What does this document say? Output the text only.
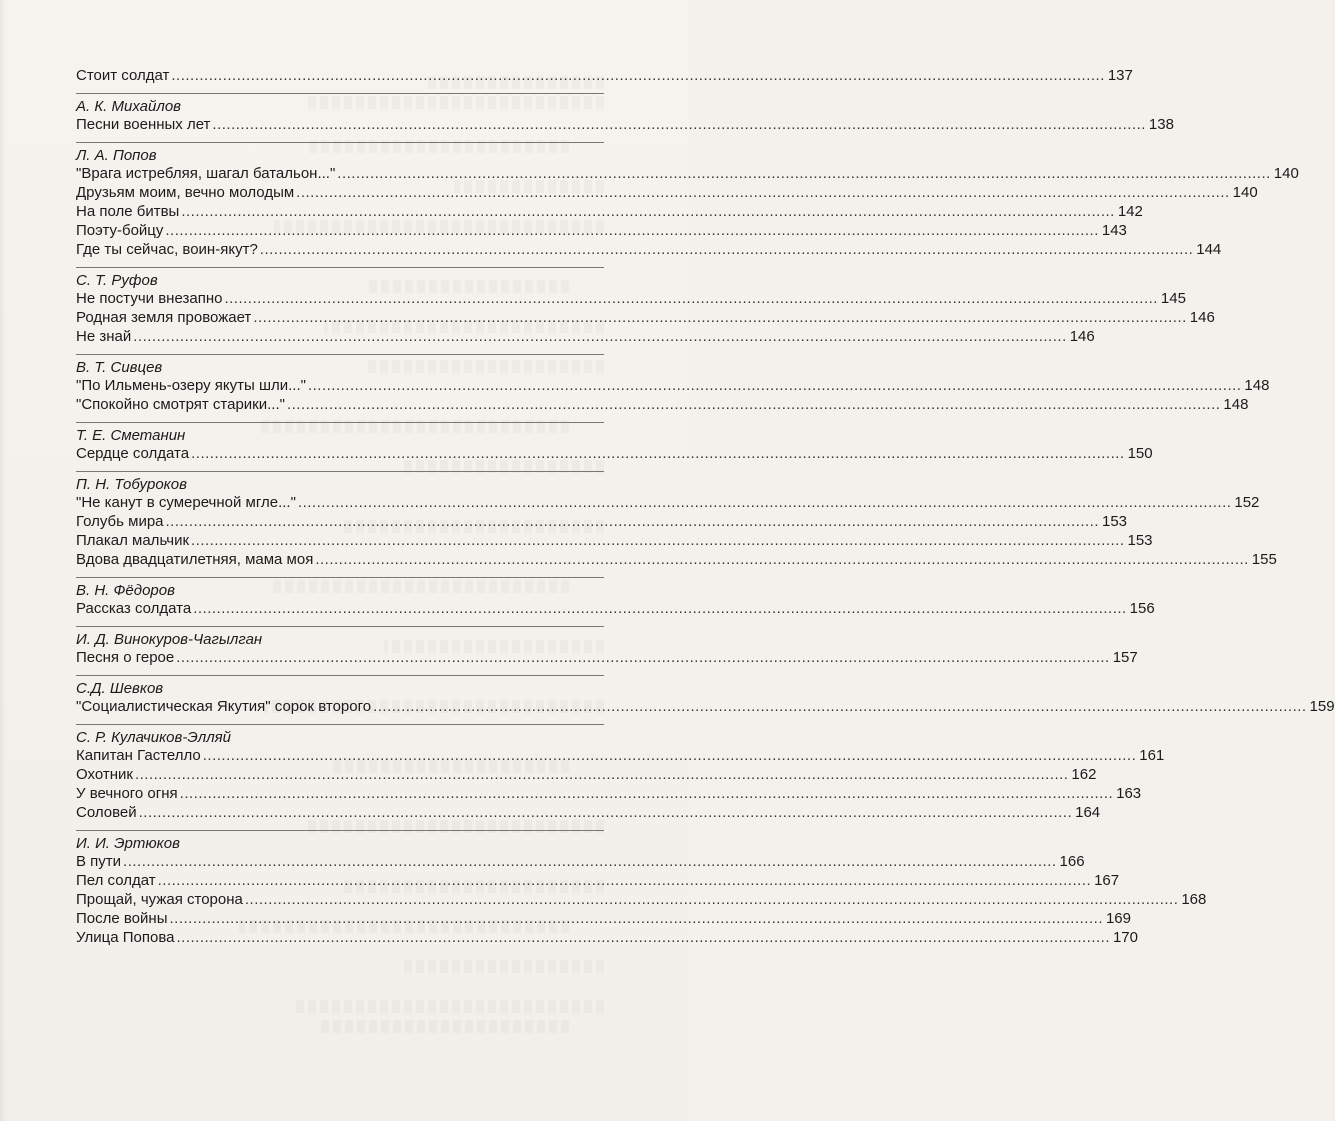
Стоит солдат ........................................................................................................................................................................................................ 137
А. К. Михайлов
Песни военных лет ........................................................................................................................................................................................................ 138
Л. А. Попов
"Врага истребляя, шагал батальон..." ........................................................................................................................................................................................................ 140
Друзьям моим, вечно молодым ........................................................................................................................................................................................................ 140
На поле битвы ........................................................................................................................................................................................................ 142
Поэту-бойцу ........................................................................................................................................................................................................ 143
Где ты сейчас, воин-якут? ........................................................................................................................................................................................................ 144
С. Т. Руфов
Не постучи внезапно ........................................................................................................................................................................................................ 145
Родная земля провожает ........................................................................................................................................................................................................ 146
Не знай ........................................................................................................................................................................................................ 146
В. Т. Сивцев
"По Ильмень-озеру якуты шли..." ........................................................................................................................................................................................................ 148
"Спокойно смотрят старики..." ........................................................................................................................................................................................................ 148
Т. Е. Сметанин
Сердце солдата ........................................................................................................................................................................................................ 150
П. Н. Тобуроков
"Не канут в сумеречной мгле..." ........................................................................................................................................................................................................ 152
Голубь мира ........................................................................................................................................................................................................ 153
Плакал мальчик ........................................................................................................................................................................................................ 153
Вдова двадцатилетняя, мама моя ........................................................................................................................................................................................................ 155
В. Н. Фёдоров
Рассказ солдата ........................................................................................................................................................................................................ 156
И. Д. Винокуров-Чагылган
Песня о герое ........................................................................................................................................................................................................ 157
С.Д. Шевков
"Социалистическая Якутия" сорок второго ........................................................................................................................................................................................................ 159
С. Р. Кулачиков-Элляй
Капитан Гастелло ........................................................................................................................................................................................................ 161
Охотник ........................................................................................................................................................................................................ 162
У вечного огня ........................................................................................................................................................................................................ 163
Соловей ........................................................................................................................................................................................................ 164
И. И. Эртюков
В пути ........................................................................................................................................................................................................ 166
Пел солдат ........................................................................................................................................................................................................ 167
Прощай, чужая сторона ........................................................................................................................................................................................................ 168
После войны ........................................................................................................................................................................................................ 169
Улица Попова ........................................................................................................................................................................................................ 170
